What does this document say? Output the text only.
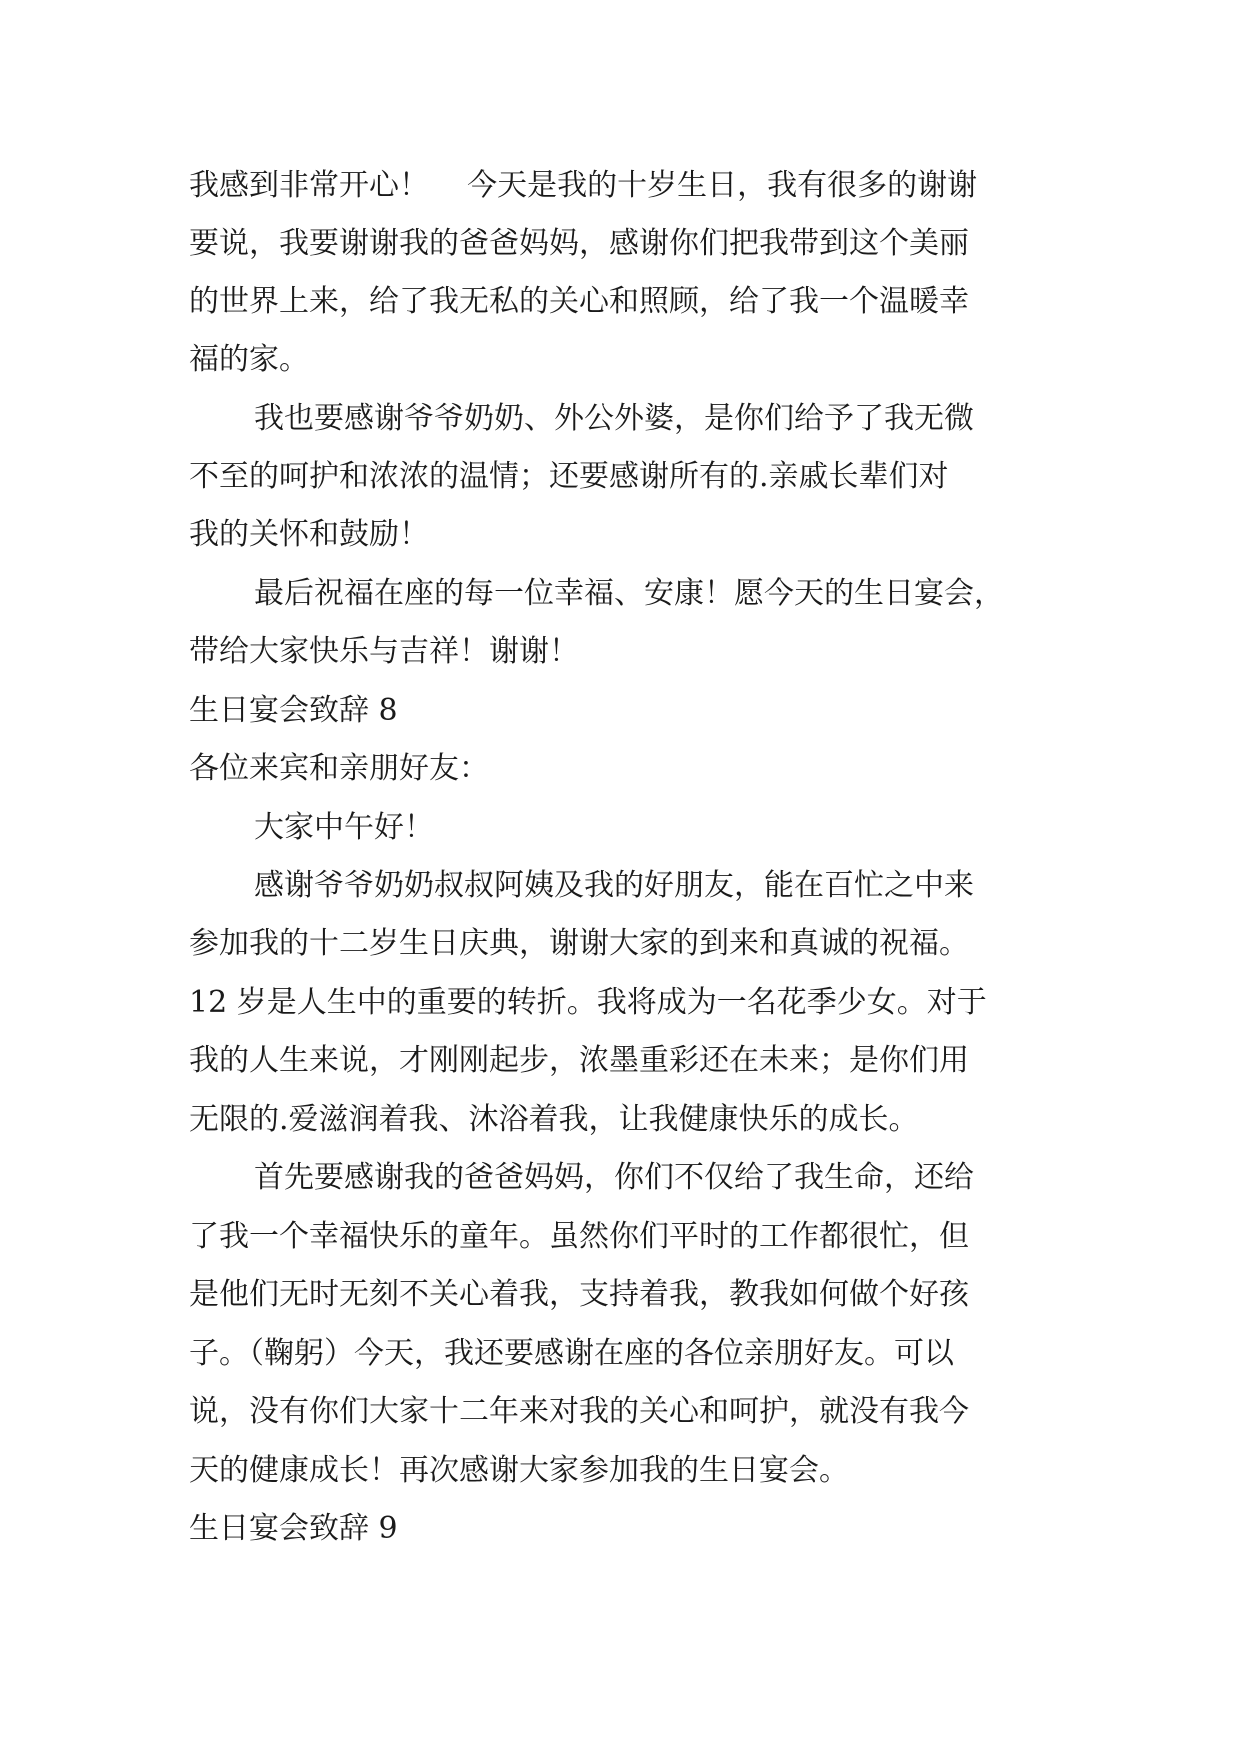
我感到非常开心！    今天是我的十岁生日，我有很多的谢谢

要说，我要谢谢我的爸爸妈妈，感谢你们把我带到这个美丽

的世界上来，给了我无私的关心和照顾，给了我一个温暖幸

福的家。

我也要感谢爷爷奶奶、外公外婆，是你们给予了我无微

不至的呵护和浓浓的温情；还要感谢所有的.亲戚长辈们对

我的关怀和鼓励！

最后祝福在座的每一位幸福、安康！愿今天的生日宴会，

带给大家快乐与吉祥！谢谢！

生日宴会致辞 8

各位来宾和亲朋好友：

大家中午好！

感谢爷爷奶奶叔叔阿姨及我的好朋友，能在百忙之中来

参加我的十二岁生日庆典，谢谢大家的到来和真诚的祝福。

12 岁是人生中的重要的转折。我将成为一名花季少女。对于

我的人生来说，才刚刚起步，浓墨重彩还在未来；是你们用

无限的.爱滋润着我、沐浴着我，让我健康快乐的成长。

首先要感谢我的爸爸妈妈，你们不仅给了我生命，还给

了我一个幸福快乐的童年。虽然你们平时的工作都很忙，但

是他们无时无刻不关心着我，支持着我，教我如何做个好孩

子。（鞠躬）今天，我还要感谢在座的各位亲朋好友。可以

说，没有你们大家十二年来对我的关心和呵护，就没有我今

天的健康成长！再次感谢大家参加我的生日宴会。

生日宴会致辞 9
